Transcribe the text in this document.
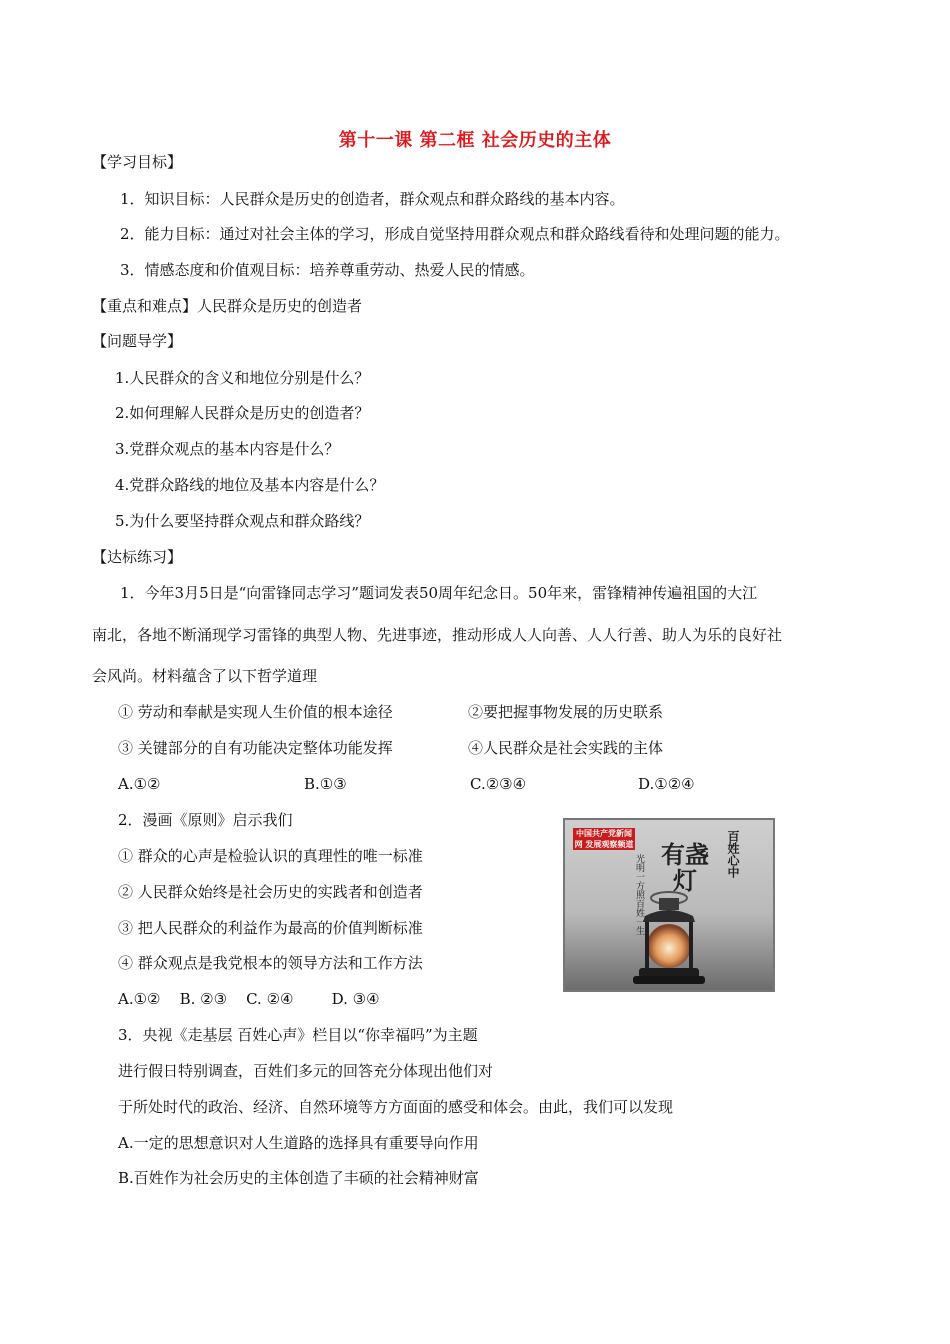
第十一课 第二框 社会历史的主体
【学习目标】
1．知识目标：人民群众是历史的创造者，群众观点和群众路线的基本内容。
2．能力目标：通过对社会主体的学习，形成自觉坚持用群众观点和群众路线看待和处理问题的能力。
3．情感态度和价值观目标：培养尊重劳动、热爱人民的情感。
【重点和难点】人民群众是历史的创造者
【问题导学】
1.人民群众的含义和地位分别是什么？
2.如何理解人民群众是历史的创造者？
3.党群众观点的基本内容是什么？
4.党群众路线的地位及基本内容是什么？
5.为什么要坚持群众观点和群众路线？
【达标练习】
1．今年3月5日是“向雷锋同志学习”题词发表50周年纪念日。50年来，雷锋精神传遍祖国的大江
南北，各地不断涌现学习雷锋的典型人物、先进事迹，推动形成人人向善、人人行善、助人为乐的良好社
会风尚。材料蕴含了以下哲学道理
① 劳动和奉献是实现人生价值的根本途径	②要把握事物发展的历史联系
③ 关键部分的自有功能决定整体功能发挥	④人民群众是社会实践的主体
A.①②	B.①③	C.②③④	D.①②④
2．漫画《原则》启示我们
① 群众的心声是检验认识的真理性的唯一标准
② 人民群众始终是社会历史的实践者和创造者
③ 把人民群众的利益作为最高的价值判断标准
④ 群众观点是我党根本的领导方法和工作方法
A.①②    B. ②③    C. ②④        D. ③④
中国共产党新闻网 发展观察频道	百姓心中
有盏灯
光明一方照百姓一生
3．央视《走基层 百姓心声》栏目以“你幸福吗”为主题
进行假日特别调查，百姓们多元的回答充分体现出他们对
于所处时代的政治、经济、自然环境等方方面面的感受和体会。由此，我们可以发现
A.一定的思想意识对人生道路的选择具有重要导向作用
B.百姓作为社会历史的主体创造了丰硕的社会精神财富
